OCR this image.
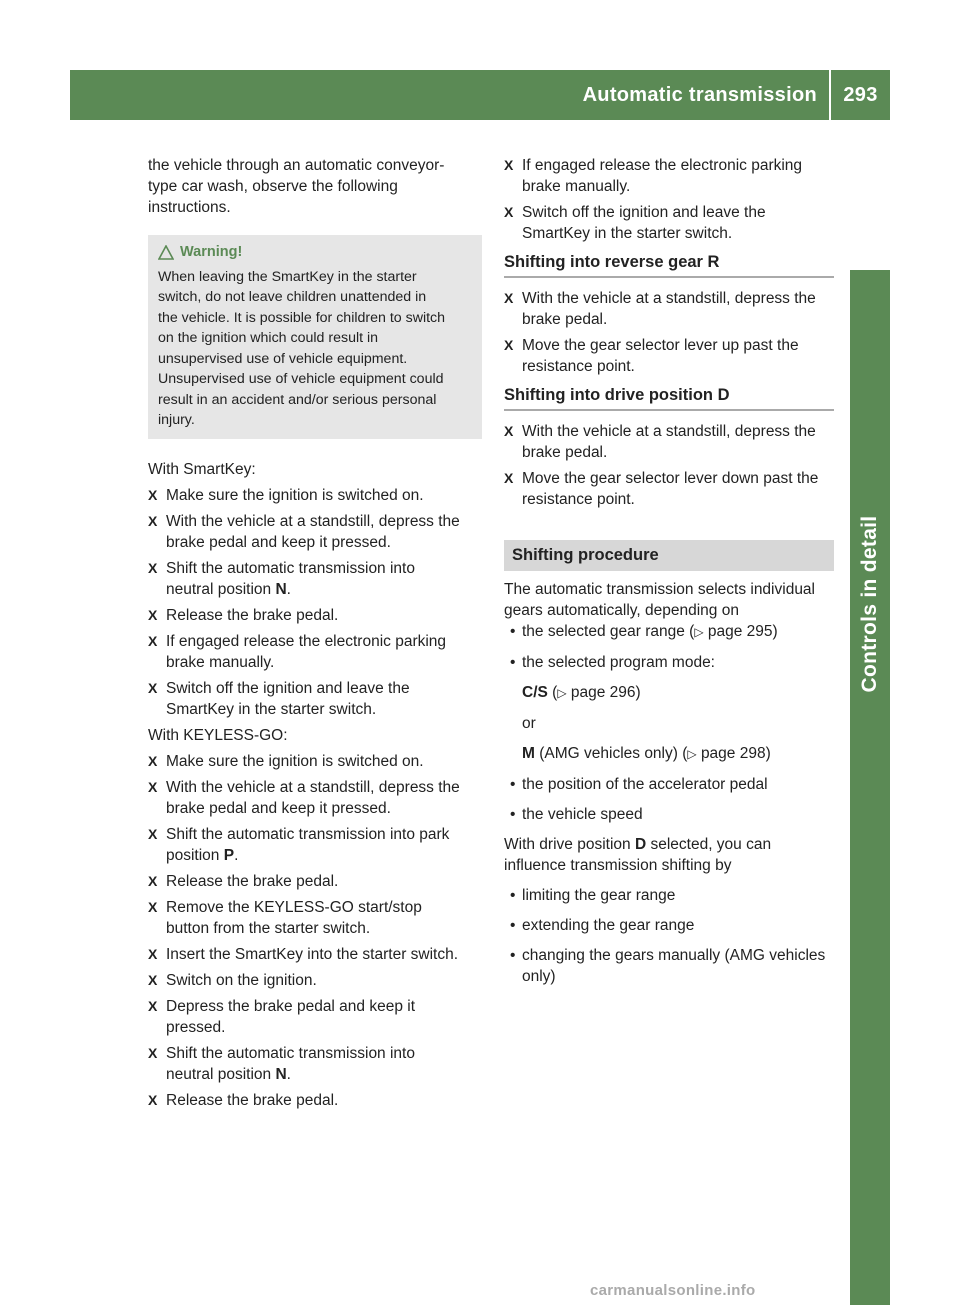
Automatic transmission 293
Controls in detail

the vehicle through an automatic conveyor-

type car wash, observe the following

instructions.

Warning!
When leaving the SmartKey in the starter
switch, do not leave children unattended in
the vehicle. It is possible for children to switch
on the ignition which could result in
unsupervised use of vehicle equipment.
Unsupervised use of vehicle equipment could
result in an accident and/or serious personal
injury.

With SmartKey:

X Make sure the ignition is switched on.
X With the vehicle at a standstill, depress the
brake pedal and keep it pressed.
X Shift the automatic transmission into
neutral position N.
X Release the brake pedal.
X If engaged release the electronic parking
brake manually.
X Switch off the ignition and leave the
SmartKey in the starter switch.

With KEYLESS-GO:

X Make sure the ignition is switched on.
X With the vehicle at a standstill, depress the
brake pedal and keep it pressed.
X Shift the automatic transmission into park
position P.
X Release the brake pedal.
X Remove the KEYLESS-GO start/stop
button from the starter switch.
X Insert the SmartKey into the starter switch.
X Switch on the ignition.
X Depress the brake pedal and keep it
pressed.
X Shift the automatic transmission into
neutral position N.
X Release the brake pedal.
X If engaged release the electronic parking
brake manually.
X Switch off the ignition and leave the
SmartKey in the starter switch.
Shifting into reverse gear R
X With the vehicle at a standstill, depress the
brake pedal.
X Move the gear selector lever up past the
resistance point.
Shifting into drive position D
X With the vehicle at a standstill, depress the
brake pedal.
X Move the gear selector lever down past the
resistance point.
Shifting procedure

The automatic transmission selects individual

gears automatically, depending on

• the selected gear range (▷ page 295)
• the selected program mode:

C/S (▷ page 296)

or

M (AMG vehicles only) (▷ page 298)

• the position of the accelerator pedal
• the vehicle speed

With drive position D selected, you can

influence transmission shifting by

• limiting the gear range
• extending the gear range
• changing the gears manually (AMG vehicles
only)
carmanualsonline.info
